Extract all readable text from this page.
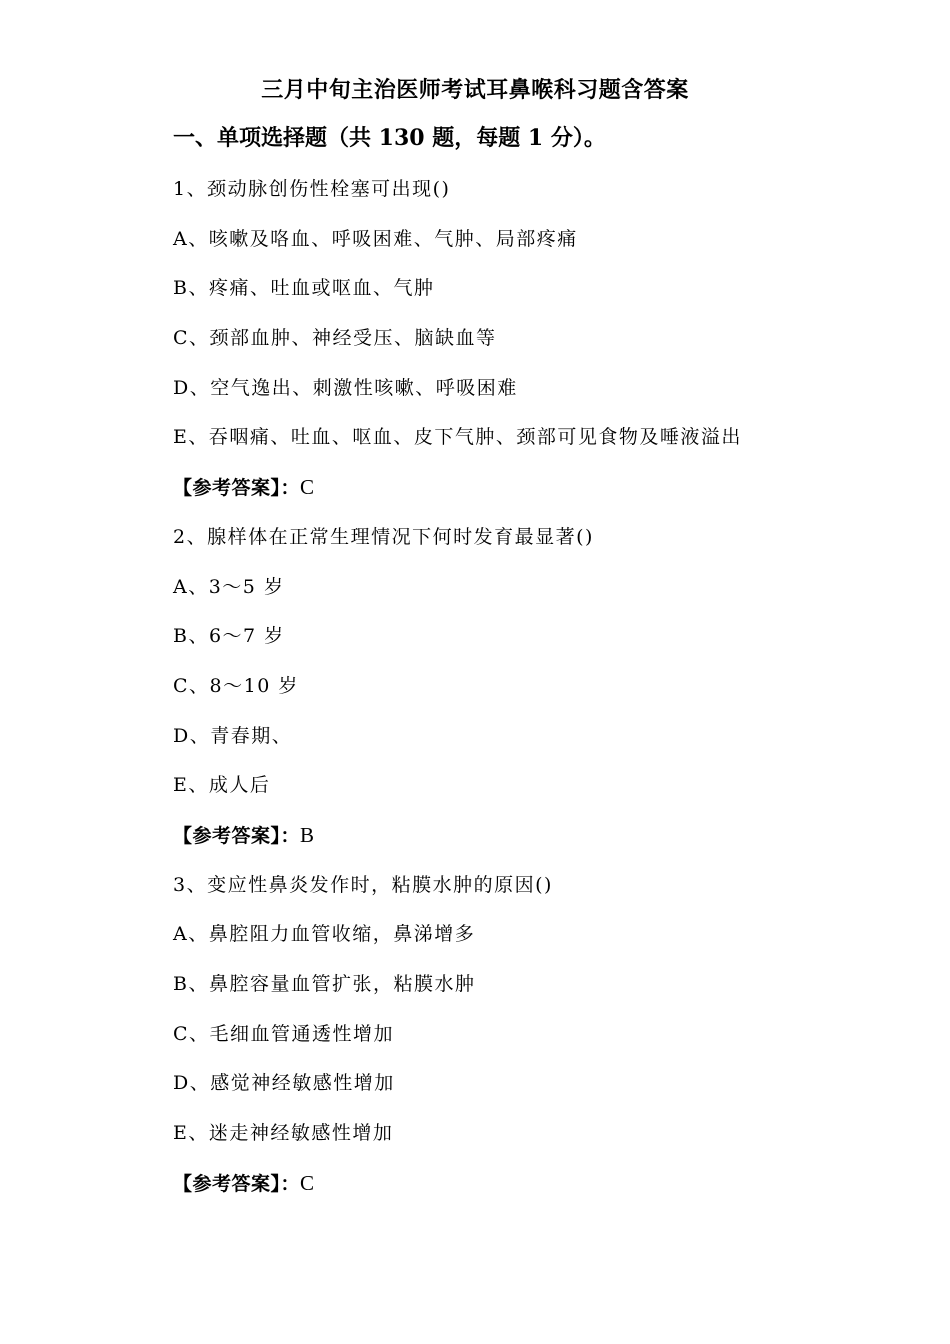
三月中旬主治医师考试耳鼻喉科习题含答案
一、单项选择题（共 130 题，每题 1 分）。
1、颈动脉创伤性栓塞可出现()
A、咳嗽及咯血、呼吸困难、气肿、局部疼痛
B、疼痛、吐血或呕血、气肿
C、颈部血肿、神经受压、脑缺血等
D、空气逸出、刺激性咳嗽、呼吸困难
E、吞咽痛、吐血、呕血、皮下气肿、颈部可见食物及唾液溢出
【参考答案】：C
2、腺样体在正常生理情况下何时发育最显著()
A、3～5 岁
B、6～7 岁
C、8～10 岁
D、青春期、
E、成人后
【参考答案】：B
3、变应性鼻炎发作时，粘膜水肿的原因()
A、鼻腔阻力血管收缩，鼻涕增多
B、鼻腔容量血管扩张，粘膜水肿
C、毛细血管通透性增加
D、感觉神经敏感性增加
E、迷走神经敏感性增加
【参考答案】：C
